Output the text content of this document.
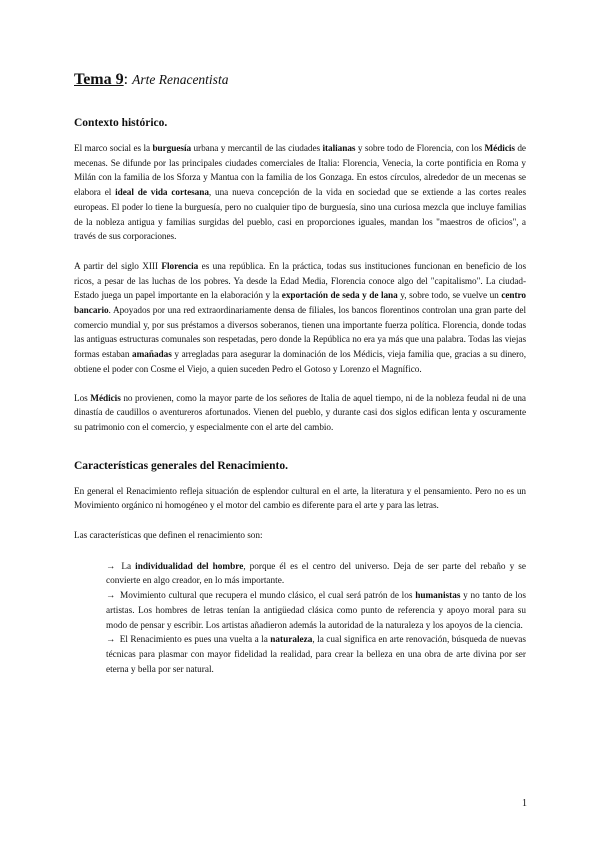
Tema 9: Arte Renacentista
Contexto histórico.

El marco social es la burguesía urbana y mercantil de las ciudades italianas y sobre todo de Florencia, con los Médicis de mecenas. Se difunde por las principales ciudades comerciales de Italia: Florencia, Venecia, la corte pontificia en Roma y Milán con la familia de los Sforza y Mantua con la familia de los Gonzaga. En estos círculos, alrededor de un mecenas se elabora el ideal de vida cortesana, una nueva concepción de la vida en sociedad que se extiende a las cortes reales europeas. El poder lo tiene la burguesía, pero no cualquier tipo de burguesía, sino una curiosa mezcla que incluye familias de la nobleza antigua y familias surgidas del pueblo, casi en proporciones iguales, mandan los "maestros de oficios", a través de sus corporaciones.

A partir del siglo XIII Florencia es una república. En la práctica, todas sus instituciones funcionan en beneficio de los ricos, a pesar de las luchas de los pobres. Ya desde la Edad Media, Florencia conoce algo del "capitalismo". La ciudad-Estado juega un papel importante en la elaboración y la exportación de seda y de lana y, sobre todo, se vuelve un centro bancario. Apoyados por una red extraordinariamente densa de filiales, los bancos florentinos controlan una gran parte del comercio mundial y, por sus préstamos a diversos soberanos, tienen una importante fuerza política. Florencia, donde todas las antiguas estructuras comunales son respetadas, pero donde la República no era ya más que una palabra. Todas las viejas formas estaban amañadas y arregladas para asegurar la dominación de los Médicis, vieja familia que, gracias a su dinero, obtiene el poder con Cosme el Viejo, a quien suceden Pedro el Gotoso y Lorenzo el Magnífico.

Los Médicis no provienen, como la mayor parte de los señores de Italia de aquel tiempo, ni de la nobleza feudal ni de una dinastía de caudillos o aventureros afortunados. Vienen del pueblo, y durante casi dos siglos edifican lenta y oscuramente su patrimonio con el comercio, y especialmente con el arte del cambio.

Características generales del Renacimiento.

En general el Renacimiento refleja situación de esplendor cultural en el arte, la literatura y el pensamiento. Pero no es un Movimiento orgánico ni homogéneo y el motor del cambio es diferente para el arte y para las letras.

Las características que definen el renacimiento son:

→ La individualidad del hombre, porque él es el centro del universo. Deja de ser parte del rebaño y se convierte en algo creador, en lo más importante.
→ Movimiento cultural que recupera el mundo clásico, el cual será patrón de los humanistas y no tanto de los artistas. Los hombres de letras tenían la antigüedad clásica como punto de referencia y apoyo moral para su modo de pensar y escribir. Los artistas añadieron además la autoridad de la naturaleza y los apoyos de la ciencia.
→ El Renacimiento es pues una vuelta a la naturaleza, la cual significa en arte renovación, búsqueda de nuevas técnicas para plasmar con mayor fidelidad la realidad, para crear la belleza en una obra de arte divina por ser eterna y bella por ser natural.
1
